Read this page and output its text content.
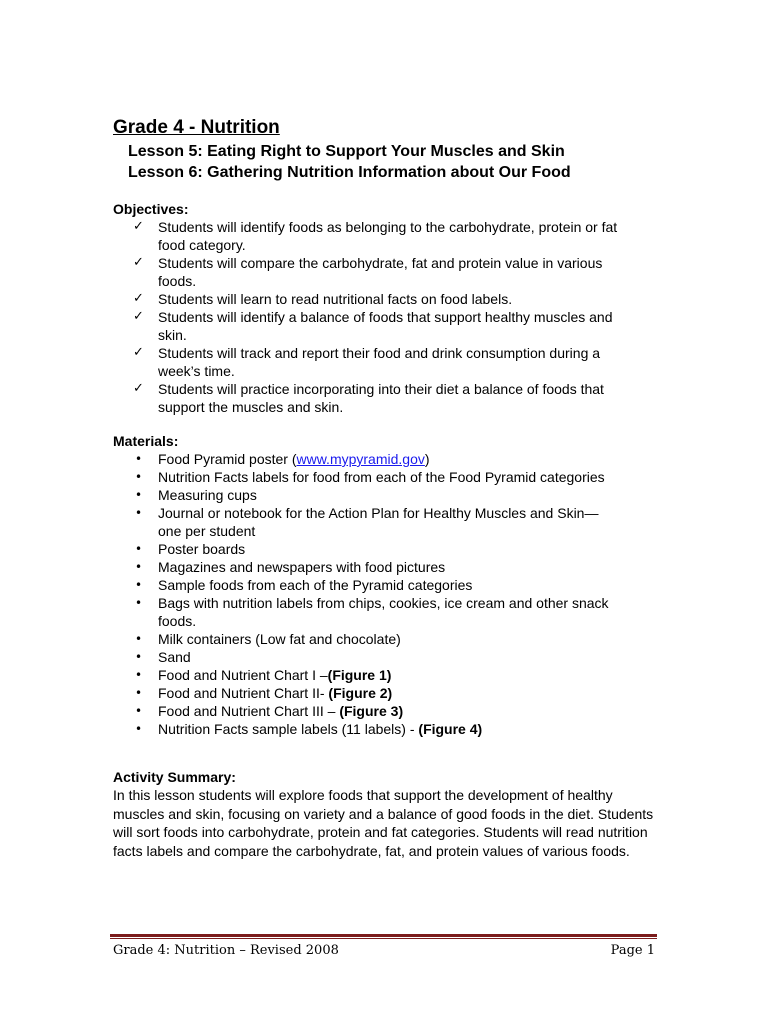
Grade 4 - Nutrition
Lesson 5: Eating Right to Support Your Muscles and Skin
Lesson 6: Gathering Nutrition Information about Our Food
Objectives:
✓	Students will identify foods as belonging to the carbohydrate, protein or fat
food category.
✓	Students will compare the carbohydrate, fat and protein value in various
foods.
✓	Students will learn to read nutritional facts on food labels.
✓	Students will identify a balance of foods that support healthy muscles and
skin.
✓	Students will track and report their food and drink consumption during a
week’s time.
✓	Students will practice incorporating into their diet a balance of foods that
support the muscles and skin.
Materials:
•	Food Pyramid poster (www.mypyramid.gov)
•	Nutrition Facts labels for food from each of the Food Pyramid categories
•	Measuring cups
•	Journal or notebook for the Action Plan for Healthy Muscles and Skin—
one per student
•	Poster boards
•	Magazines and newspapers with food pictures
•	Sample foods from each of the Pyramid categories
•	Bags with nutrition labels from chips, cookies, ice cream and other snack
foods.
•	Milk containers (Low fat and chocolate)
•	Sand
•	Food and Nutrient Chart I –(Figure 1)
•	Food and Nutrient Chart II- (Figure 2)
•	Food and Nutrient Chart III – (Figure 3)
•	Nutrition Facts sample labels (11 labels) - (Figure 4)
Activity Summary:
In this lesson students will explore foods that support the development of healthy muscles and skin, focusing on variety and a balance of good foods in the diet. Students will sort foods into carbohydrate, protein and fat categories. Students will read nutrition facts labels and compare the carbohydrate, fat, and protein values of various foods.
Grade 4: Nutrition – Revised 2008	Page 1
